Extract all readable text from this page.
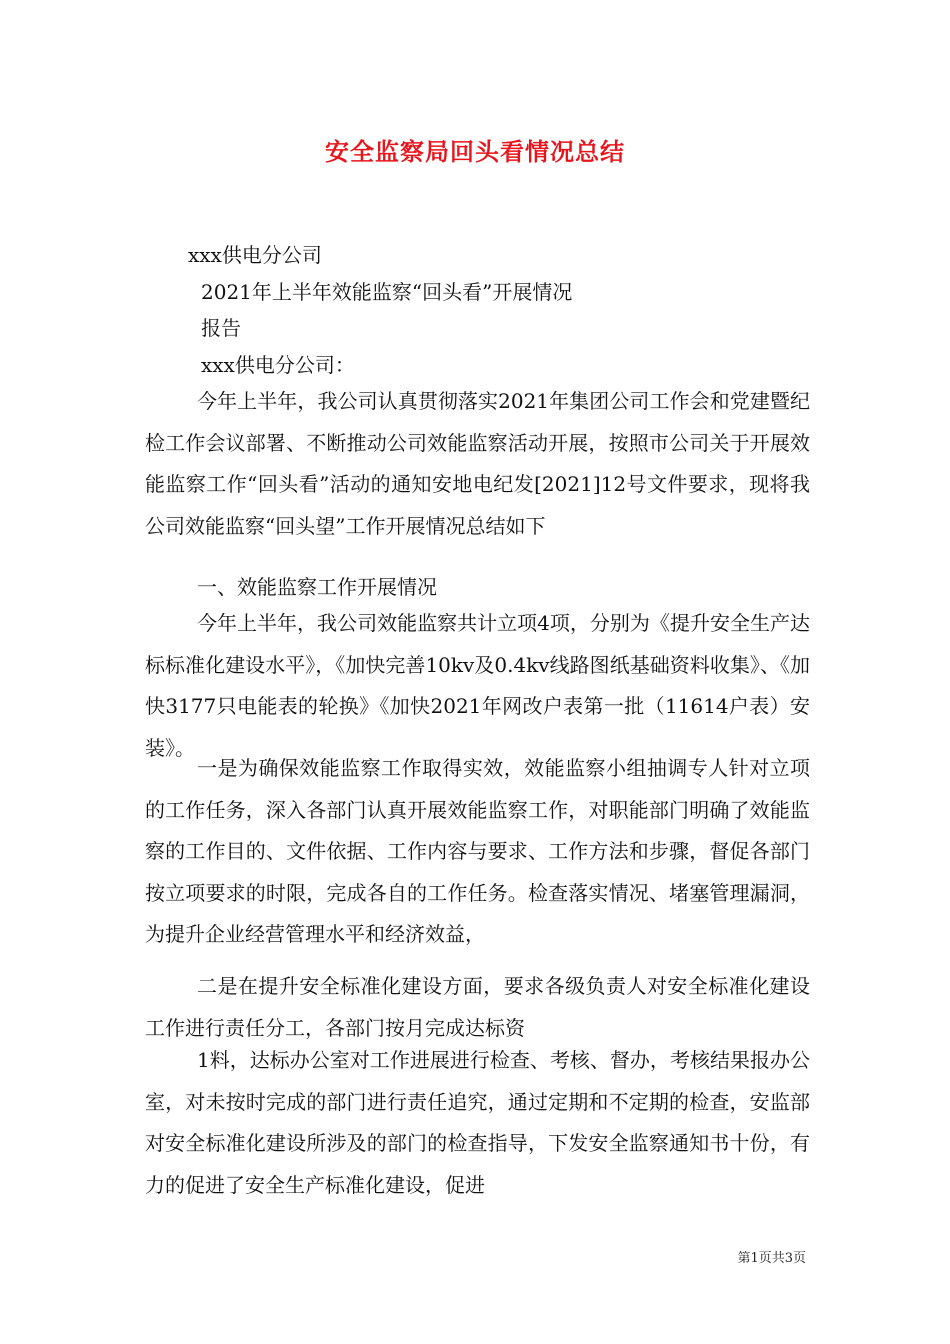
安全监察局回头看情况总结
xxx供电分公司
2021年上半年效能监察“回头看”开展情况
报告
xxx供电分公司：
今年上半年，我公司认真贯彻落实2021年集团公司工作会和党建暨纪检工作会议部署、不断推动公司效能监察活动开展，按照市公司关于开展效能监察工作“回头看”活动的通知安地电纪发[2021]12号文件要求，现将我公司效能监察“回头望”工作开展情况总结如下
一、效能监察工作开展情况
今年上半年，我公司效能监察共计立项4项，分别为《提升安全生产达标标准化建设水平》，《加快完善10kv及0.4kv线路图纸基础资料收集》、《加快3177只电能表的轮换》《加快2021年网改户表第一批（11614户表）安装》。
一是为确保效能监察工作取得实效，效能监察小组抽调专人针对立项的工作任务，深入各部门认真开展效能监察工作，对职能部门明确了效能监察的工作目的、文件依据、工作内容与要求、工作方法和步骤，督促各部门按立项要求的时限，完成各自的工作任务。检查落实情况、堵塞管理漏洞，为提升企业经营管理水平和经济效益，
二是在提升安全标准化建设方面，要求各级负责人对安全标准化建设工作进行责任分工，各部门按月完成达标资
1料，达标办公室对工作进展进行检查、考核、督办，考核结果报办公室，对未按时完成的部门进行责任追究，通过定期和不定期的检查，安监部对安全标准化建设所涉及的部门的检查指导，下发安全监察通知书十份，有力的促进了安全生产标准化建设，促进
第1页共3页
